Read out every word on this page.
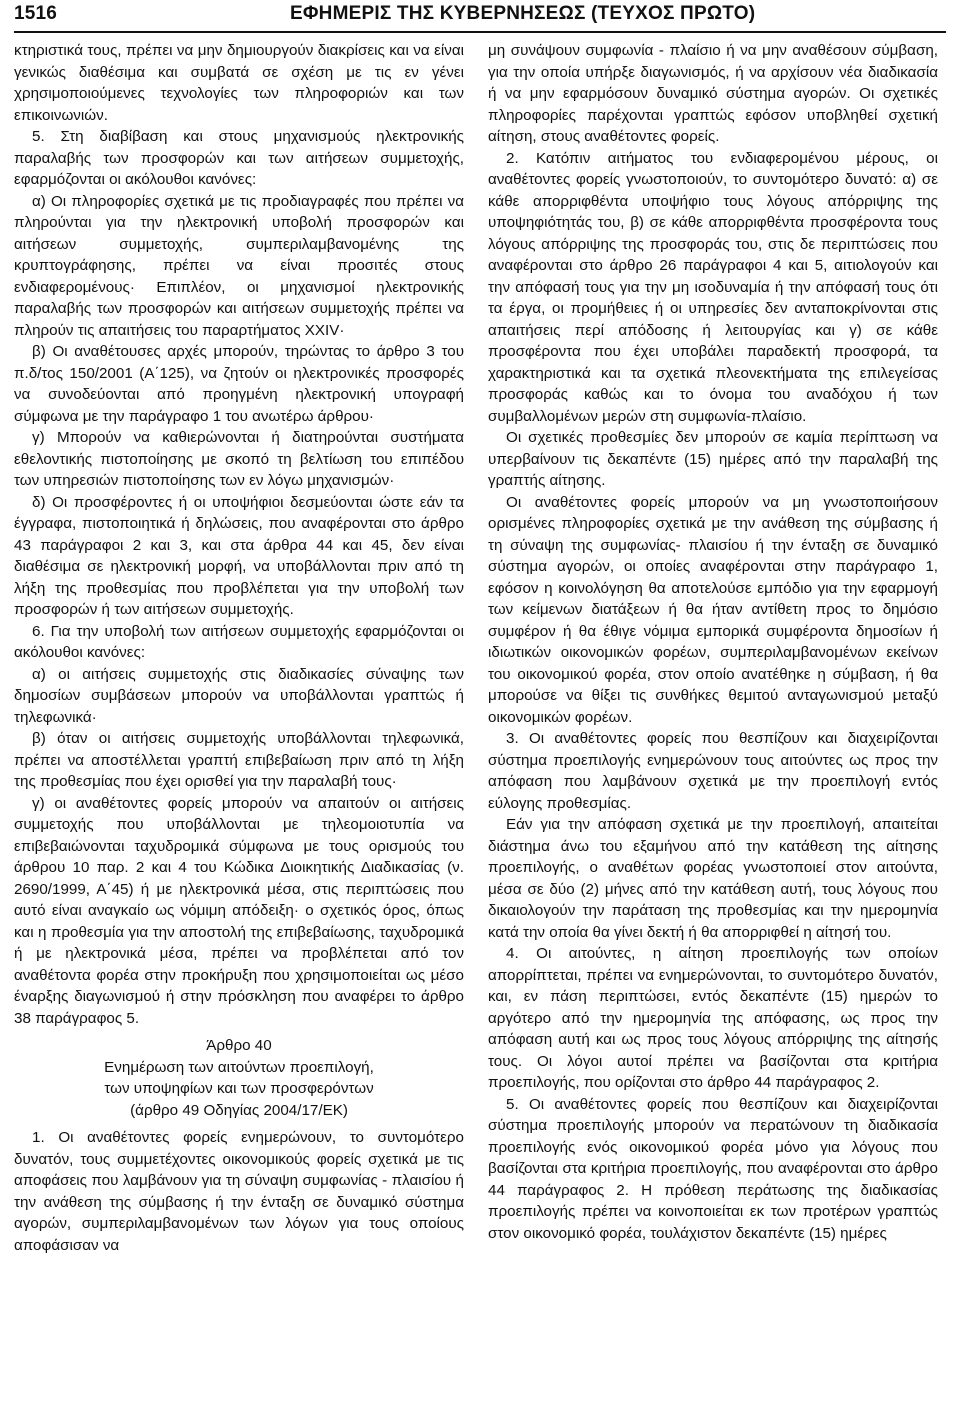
1516	ΕΦΗΜΕΡΙΣ ΤΗΣ ΚΥΒΕΡΝΗΣΕΩΣ (ΤΕΥΧΟΣ ΠΡΩΤΟ)

κτηριστικά τους, πρέπει να μην δημιουργούν διακρίσεις και να είναι γενικώς διαθέσιμα και συμβατά σε σχέση με τις εν γένει χρησιμοποιούμενες τεχνολογίες των πληροφοριών και των επικοινωνιών.

5. Στη διαβίβαση και στους μηχανισμούς ηλεκτρονικής παραλαβής των προσφορών και των αιτήσεων συμμετοχής, εφαρμόζονται οι ακόλουθοι κανόνες:

α) Οι πληροφορίες σχετικά με τις προδιαγραφές που πρέπει να πληρούνται για την ηλεκτρονική υποβολή προσφορών και αιτήσεων συμμετοχής, συμπεριλαμβανομένης της κρυπτογράφησης, πρέπει να είναι προσιτές στους ενδιαφερομένους· Επιπλέον, οι μηχανισμοί ηλεκτρονικής παραλαβής των προσφορών και αιτήσεων συμμετοχής πρέπει να πληρούν τις απαιτήσεις του παραρτήματος XXIV·

β) Οι αναθέτουσες αρχές μπορούν, τηρώντας το άρθρο 3 του π.δ/τος 150/2001 (Α΄125), να ζητούν οι ηλεκτρονικές προσφορές να συνοδεύονται από προηγμένη ηλεκτρονική υπογραφή σύμφωνα με την παράγραφο 1 του ανωτέρω άρθρου·

γ) Μπορούν να καθιερώνονται ή διατηρούνται συστήματα εθελοντικής πιστοποίησης με σκοπό τη βελτίωση του επιπέδου των υπηρεσιών πιστοποίησης των εν λόγω μηχανισμών·

δ) Οι προσφέροντες ή οι υποψήφιοι δεσμεύονται ώστε εάν τα έγγραφα, πιστοποιητικά ή δηλώσεις, που αναφέρονται στο άρθρο 43 παράγραφοι 2 και 3, και στα άρθρα 44 και 45, δεν είναι διαθέσιμα σε ηλεκτρονική μορφή, να υποβάλλονται πριν από τη λήξη της προθεσμίας που προβλέπεται για την υποβολή των προσφορών ή των αιτήσεων συμμετοχής.

6. Για την υποβολή των αιτήσεων συμμετοχής εφαρμόζονται οι ακόλουθοι κανόνες:

α) οι αιτήσεις συμμετοχής στις διαδικασίες σύναψης των δημοσίων συμβάσεων μπορούν να υποβάλλονται γραπτώς ή τηλεφωνικά·

β) όταν οι αιτήσεις συμμετοχής υποβάλλονται τηλεφωνικά, πρέπει να αποστέλλεται γραπτή επιβεβαίωση πριν από τη λήξη της προθεσμίας που έχει ορισθεί για την παραλαβή τους·

γ) οι αναθέτοντες φορείς μπορούν να απαιτούν οι αιτήσεις συμμετοχής που υποβάλλονται με τηλεομοιοτυπία να επιβεβαιώνονται ταχυδρομικά σύμφωνα με τους ορισμούς του άρθρου 10 παρ. 2 και 4 του Κώδικα Διοικητικής Διαδικασίας (ν. 2690/1999, Α΄45) ή με ηλεκτρονικά μέσα, στις περιπτώσεις που αυτό είναι αναγκαίο ως νόμιμη απόδειξη· ο σχετικός όρος, όπως και η προθεσμία για την αποστολή της επιβεβαίωσης, ταχυδρομικά ή με ηλεκτρονικά μέσα, πρέπει να προβλέπεται από τον αναθέτοντα φορέα στην προκήρυξη που χρησιμοποιείται ως μέσο έναρξης διαγωνισμού ή στην πρόσκληση που αναφέρει το άρθρο 38 παράγραφος 5.

Άρθρο 40
Ενημέρωση των αιτούντων προεπιλογή,
των υποψηφίων και των προσφερόντων
(άρθρο 49 Οδηγίας 2004/17/ΕΚ)

1. Οι αναθέτοντες φορείς ενημερώνουν, το συντομότερο δυνατόν, τους συμμετέχοντες οικονομικούς φορείς σχετικά με τις αποφάσεις που λαμβάνουν για τη σύναψη συμφωνίας - πλαισίου ή την ανάθεση της σύμβασης ή την ένταξη σε δυναμικό σύστημα αγορών, συμπεριλαμβανομένων των λόγων για τους οποίους αποφάσισαν να

μη συνάψουν συμφωνία - πλαίσιο ή να μην αναθέσουν σύμβαση, για την οποία υπήρξε διαγωνισμός, ή να αρχίσουν νέα διαδικασία ή να μην εφαρμόσουν δυναμικό σύστημα αγορών. Οι σχετικές πληροφορίες παρέχονται γραπτώς εφόσον υποβληθεί σχετική αίτηση, στους αναθέτοντες φορείς.

2. Κατόπιν αιτήματος του ενδιαφερομένου μέρους, οι αναθέτοντες φορείς γνωστοποιούν, το συντομότερο δυνατό: α) σε κάθε απορριφθέντα υποψήφιο τους λόγους απόρριψης της υποψηφιότητάς του, β) σε κάθε απορριφθέντα προσφέροντα τους λόγους απόρριψης της προσφοράς του, στις δε περιπτώσεις που αναφέρονται στο άρθρο 26 παράγραφοι 4 και 5, αιτιολογούν και την απόφασή τους για την μη ισοδυναμία ή την απόφασή τους ότι τα έργα, οι προμήθειες ή οι υπηρεσίες δεν ανταποκρίνονται στις απαιτήσεις περί απόδοσης ή λειτουργίας και γ) σε κάθε προσφέροντα που έχει υποβάλει παραδεκτή προσφορά, τα χαρακτηριστικά και τα σχετικά πλεονεκτήματα της επιλεγείσας προσφοράς καθώς και το όνομα του αναδόχου ή των συμβαλλομένων μερών στη συμφωνία-πλαίσιο.

Οι σχετικές προθεσμίες δεν μπορούν σε καμία περίπτωση να υπερβαίνουν τις δεκαπέντε (15) ημέρες από την παραλαβή της γραπτής αίτησης.

Οι αναθέτοντες φορείς μπορούν να μη γνωστοποιήσουν ορισμένες πληροφορίες σχετικά με την ανάθεση της σύμβασης ή τη σύναψη της συμφωνίας- πλαισίου ή την ένταξη σε δυναμικό σύστημα αγορών, οι οποίες αναφέρονται στην παράγραφο 1, εφόσον η κοινολόγηση θα αποτελούσε εμπόδιο για την εφαρμογή των κείμενων διατάξεων ή θα ήταν αντίθετη προς το δημόσιο συμφέρον ή θα έθιγε νόμιμα εμπορικά συμφέροντα δημοσίων ή ιδιωτικών οικονομικών φορέων, συμπεριλαμβανομένων εκείνων του οικονομικού φορέα, στον οποίο ανατέθηκε η σύμβαση, ή θα μπορούσε να θίξει τις συνθήκες θεμιτού ανταγωνισμού μεταξύ οικονομικών φορέων.

3. Οι αναθέτοντες φορείς που θεσπίζουν και διαχειρίζονται σύστημα προεπιλογής ενημερώνουν τους αιτούντες ως προς την απόφαση που λαμβάνουν σχετικά με την προεπιλογή εντός εύλογης προθεσμίας.

Εάν για την απόφαση σχετικά με την προεπιλογή, απαιτείται διάστημα άνω του εξαμήνου από την κατάθεση της αίτησης προεπιλογής, ο αναθέτων φορέας γνωστοποιεί στον αιτούντα, μέσα σε δύο (2) μήνες από την κατάθεση αυτή, τους λόγους που δικαιολογούν την παράταση της προθεσμίας και την ημερομηνία κατά την οποία θα γίνει δεκτή ή θα απορριφθεί η αίτησή του.

4. Οι αιτούντες, η αίτηση προεπιλογής των οποίων απορρίπτεται, πρέπει να ενημερώνονται, το συντομότερο δυνατόν, και, εν πάση περιπτώσει, εντός δεκαπέντε (15) ημερών το αργότερο από την ημερομηνία της απόφασης, ως προς την απόφαση αυτή και ως προς τους λόγους απόρριψης της αίτησής τους. Οι λόγοι αυτοί πρέπει να βασίζονται στα κριτήρια προεπιλογής, που ορίζονται στο άρθρο 44 παράγραφος 2.

5. Οι αναθέτοντες φορείς που θεσπίζουν και διαχειρίζονται σύστημα προεπιλογής μπορούν να περατώνουν τη διαδικασία προεπιλογής ενός οικονομικού φορέα μόνο για λόγους που βασίζονται στα κριτήρια προεπιλογής, που αναφέρονται στο άρθρο 44 παράγραφος 2. Η πρόθεση περάτωσης της διαδικασίας προεπιλογής πρέπει να κοινοποιείται εκ των προτέρων γραπτώς στον οικονομικό φορέα, τουλάχιστον δεκαπέντε (15) ημέρες
